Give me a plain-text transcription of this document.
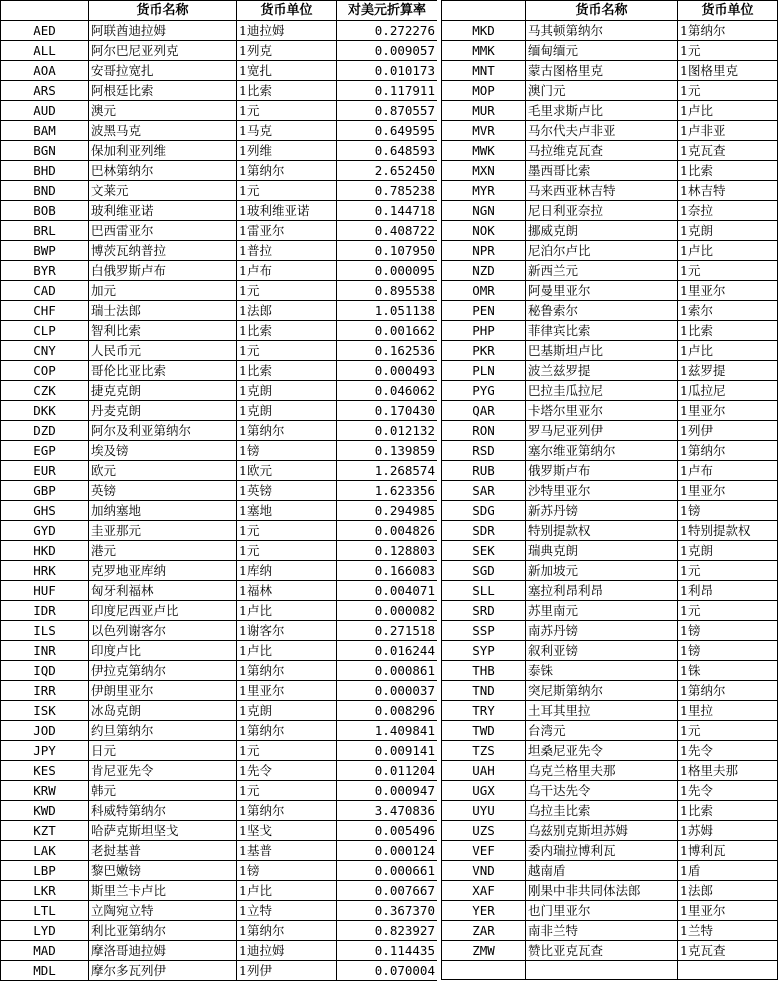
	货币名称	货币单位	对美元折算率
AED	阿联酋迪拉姆	1迪拉姆	0.272276
ALL	阿尔巴尼亚列克	1列克	0.009057
AOA	安哥拉宽扎	1宽扎	0.010173
ARS	阿根廷比索	1比索	0.117911
AUD	澳元	1元	0.870557
BAM	波黑马克	1马克	0.649595
BGN	保加利亚列维	1列维	0.648593
BHD	巴林第纳尔	1第纳尔	2.652450
BND	文莱元	1元	0.785238
BOB	玻利维亚诺	1玻利维亚诺	0.144718
BRL	巴西雷亚尔	1雷亚尔	0.408722
BWP	博茨瓦纳普拉	1普拉	0.107950
BYR	白俄罗斯卢布	1卢布	0.000095
CAD	加元	1元	0.895538
CHF	瑞士法郎	1法郎	1.051138
CLP	智利比索	1比索	0.001662
CNY	人民币元	1元	0.162536
COP	哥伦比亚比索	1比索	0.000493
CZK	捷克克朗	1克朗	0.046062
DKK	丹麦克朗	1克朗	0.170430
DZD	阿尔及利亚第纳尔	1第纳尔	0.012132
EGP	埃及镑	1镑	0.139859
EUR	欧元	1欧元	1.268574
GBP	英镑	1英镑	1.623356
GHS	加纳塞地	1塞地	0.294985
GYD	圭亚那元	1元	0.004826
HKD	港元	1元	0.128803
HRK	克罗地亚库纳	1库纳	0.166083
HUF	匈牙利福林	1福林	0.004071
IDR	印度尼西亚卢比	1卢比	0.000082
ILS	以色列谢客尔	1谢客尔	0.271518
INR	印度卢比	1卢比	0.016244
IQD	伊拉克第纳尔	1第纳尔	0.000861
IRR	伊朗里亚尔	1里亚尔	0.000037
ISK	冰岛克朗	1克朗	0.008296
JOD	约旦第纳尔	1第纳尔	1.409841
JPY	日元	1元	0.009141
KES	肯尼亚先令	1先令	0.011204
KRW	韩元	1元	0.000947
KWD	科威特第纳尔	1第纳尔	3.470836
KZT	哈萨克斯坦坚戈	1坚戈	0.005496
LAK	老挝基普	1基普	0.000124
LBP	黎巴嫩镑	1镑	0.000661
LKR	斯里兰卡卢比	1卢比	0.007667
LTL	立陶宛立特	1立特	0.367370
LYD	利比亚第纳尔	1第纳尔	0.823927
MAD	摩洛哥迪拉姆	1迪拉姆	0.114435
MDL	摩尔多瓦列伊	1列伊	0.070004
	货币名称	货币单位
MKD	马其顿第纳尔	1第纳尔
MMK	缅甸缅元	1元
MNT	蒙古图格里克	1图格里克
MOP	澳门元	1元
MUR	毛里求斯卢比	1卢比
MVR	马尔代夫卢非亚	1卢非亚
MWK	马拉维克瓦查	1克瓦查
MXN	墨西哥比索	1比索
MYR	马来西亚林吉特	1林吉特
NGN	尼日利亚奈拉	1奈拉
NOK	挪威克朗	1克朗
NPR	尼泊尔卢比	1卢比
NZD	新西兰元	1元
OMR	阿曼里亚尔	1里亚尔
PEN	秘鲁索尔	1索尔
PHP	菲律宾比索	1比索
PKR	巴基斯坦卢比	1卢比
PLN	波兰兹罗提	1兹罗提
PYG	巴拉圭瓜拉尼	1瓜拉尼
QAR	卡塔尔里亚尔	1里亚尔
RON	罗马尼亚列伊	1列伊
RSD	塞尔维亚第纳尔	1第纳尔
RUB	俄罗斯卢布	1卢布
SAR	沙特里亚尔	1里亚尔
SDG	新苏丹镑	1镑
SDR	特别提款权	1特别提款权
SEK	瑞典克朗	1克朗
SGD	新加坡元	1元
SLL	塞拉利昂利昂	1利昂
SRD	苏里南元	1元
SSP	南苏丹镑	1镑
SYP	叙利亚镑	1镑
THB	泰铢	1铢
TND	突尼斯第纳尔	1第纳尔
TRY	土耳其里拉	1里拉
TWD	台湾元	1元
TZS	坦桑尼亚先令	1先令
UAH	乌克兰格里夫那	1格里夫那
UGX	乌干达先令	1先令
UYU	乌拉圭比索	1比索
UZS	乌兹别克斯坦苏姆	1苏姆
VEF	委内瑞拉博利瓦	1博利瓦
VND	越南盾	1盾
XAF	刚果中非共同体法郎	1法郎
YER	也门里亚尔	1里亚尔
ZAR	南非兰特	1兰特
ZMW	赞比亚克瓦查	1克瓦查
